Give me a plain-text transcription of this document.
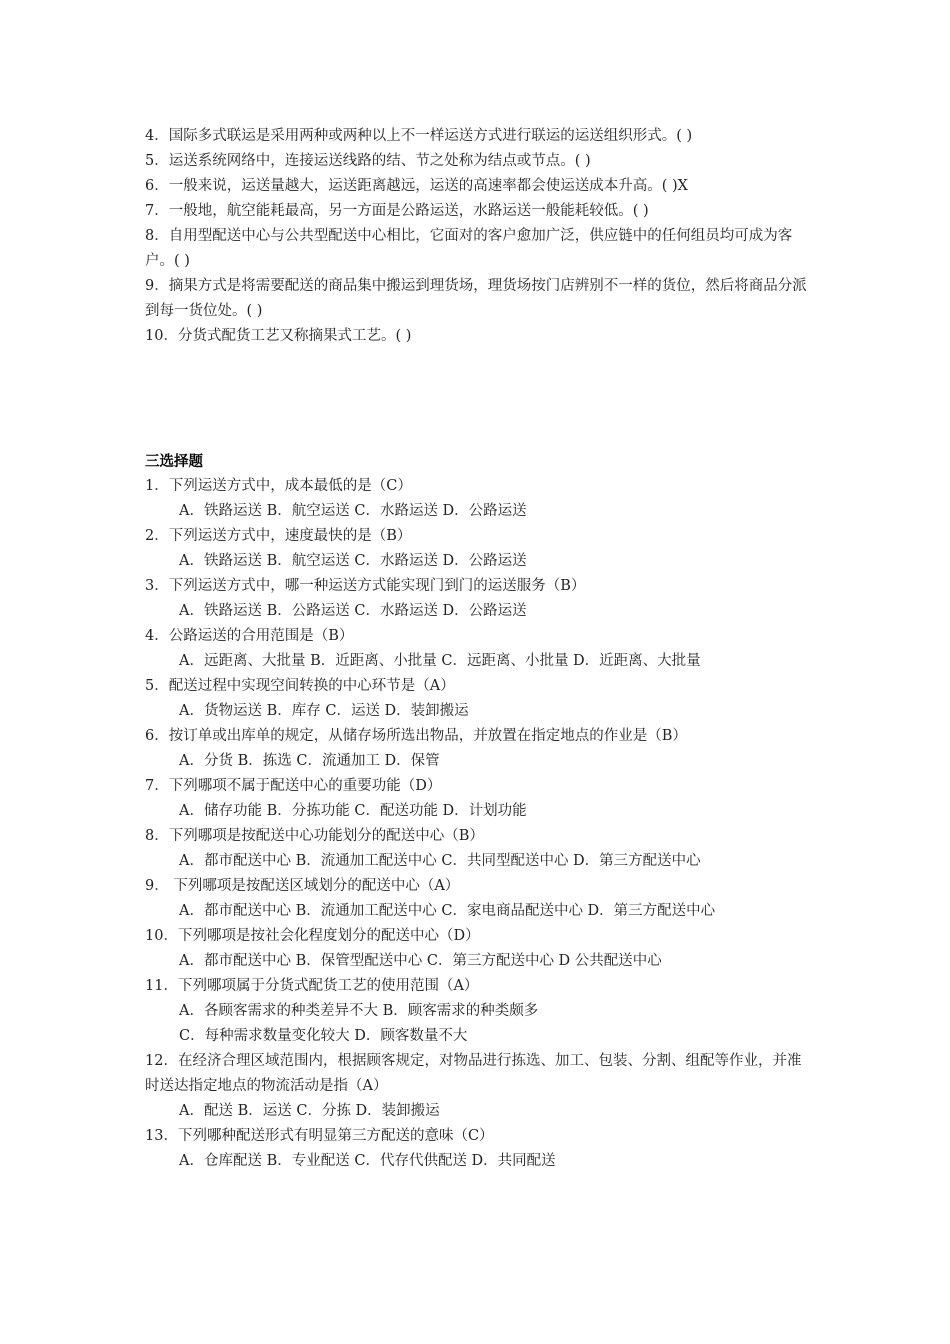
4．国际多式联运是采用两种或两种以上不一样运送方式进行联运的运送组织形式。( )
5．运送系统网络中，连接运送线路的结、节之处称为结点或节点。( )
6．一般来说，运送量越大，运送距离越远，运送的高速率都会使运送成本升高。( )X
7．一般地，航空能耗最高，另一方面是公路运送，水路运送一般能耗较低。( )
8．自用型配送中心与公共型配送中心相比，它面对的客户愈加广泛，供应链中的任何组员均可成为客户。( )
9．摘果方式是将需要配送的商品集中搬运到理货场，理货场按门店辨别不一样的货位，然后将商品分派到每一货位处。( )
10．分货式配货工艺又称摘果式工艺。( )
三选择题
1．下列运送方式中，成本最低的是（C）
A．铁路运送 B．航空运送 C．水路运送 D．公路运送
2．下列运送方式中，速度最快的是（B）
A．铁路运送 B．航空运送 C．水路运送 D．公路运送
3．下列运送方式中，哪一种运送方式能实现门到门的运送服务（B）
A．铁路运送 B．公路运送 C．水路运送 D．公路运送
4．公路运送的合用范围是（B）
A．远距离、大批量 B．近距离、小批量 C．远距离、小批量 D．近距离、大批量
5．配送过程中实现空间转换的中心环节是（A）
A．货物运送 B．库存 C．运送 D．装卸搬运
6．按订单或出库单的规定，从储存场所选出物品，并放置在指定地点的作业是（B）
A．分货 B．拣选 C．流通加工 D．保管
7．下列哪项不属于配送中心的重要功能（D）
A．储存功能 B．分拣功能 C．配送功能 D．计划功能
8．下列哪项是按配送中心功能划分的配送中心（B）
A．都市配送中心 B．流通加工配送中心 C．共同型配送中心 D．第三方配送中心
9． 下列哪项是按配送区域划分的配送中心（A）
A．都市配送中心 B．流通加工配送中心 C．家电商品配送中心 D．第三方配送中心
10．下列哪项是按社会化程度划分的配送中心（D）
A．都市配送中心 B．保管型配送中心 C．第三方配送中心 D 公共配送中心
11．下列哪项属于分货式配货工艺的使用范围（A）
A．各顾客需求的种类差异不大 B．顾客需求的种类颇多
C．每种需求数量变化较大 D．顾客数量不大
12．在经济合理区域范围内，根据顾客规定，对物品进行拣选、加工、包装、分割、组配等作业，并准时送达指定地点的物流活动是指（A）
A．配送 B．运送 C．分拣 D．装卸搬运
13．下列哪种配送形式有明显第三方配送的意味（C）
A．仓库配送 B．专业配送 C．代存代供配送 D．共同配送
